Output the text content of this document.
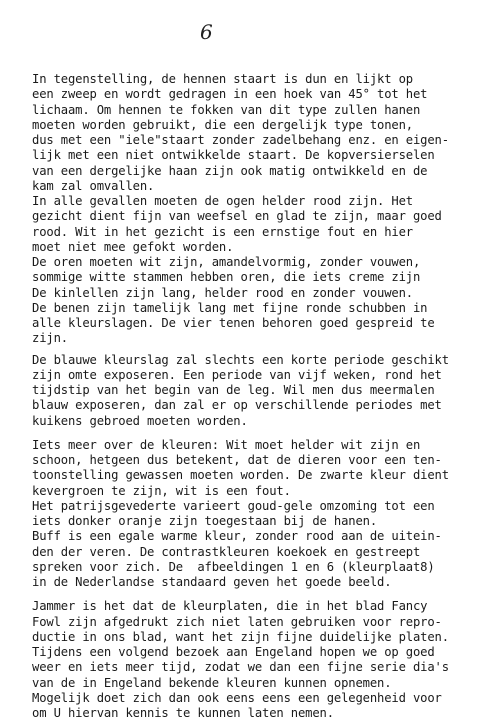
6
In tegenstelling, de hennen staart is dun en lijkt op
een zweep en wordt gedragen in een hoek van 45° tot het
lichaam. Om hennen te fokken van dit type zullen hanen
moeten worden gebruikt, die een dergelijk type tonen,
dus met een "iele"staart zonder zadelbehang enz. en eigen-
lijk met een niet ontwikkelde staart. De kopversierselen
van een dergelijke haan zijn ook matig ontwikkeld en de
kam zal omvallen.
In alle gevallen moeten de ogen helder rood zijn. Het
gezicht dient fijn van weefsel en glad te zijn, maar goed
rood. Wit in het gezicht is een ernstige fout en hier
moet niet mee gefokt worden.
De oren moeten wit zijn, amandelvormig, zonder vouwen,
sommige witte stammen hebben oren, die iets creme zijn
De kinlellen zijn lang, helder rood en zonder vouwen.
De benen zijn tamelijk lang met fijne ronde schubben in
alle kleurslagen. De vier tenen behoren goed gespreid te
zijn.
De blauwe kleurslag zal slechts een korte periode geschikt
zijn omte exposeren. Een periode van vijf weken, rond het
tijdstip van het begin van de leg. Wil men dus meermalen
blauw exposeren, dan zal er op verschillende periodes met
kuikens gebroed moeten worden.
Iets meer over de kleuren: Wit moet helder wit zijn en
schoon, hetgeen dus betekent, dat de dieren voor een ten-
toonstelling gewassen moeten worden. De zwarte kleur dient
kevergroen te zijn, wit is een fout.
Het patrijsgevederte varieert goud-gele omzoming tot een
iets donker oranje zijn toegestaan bij de hanen.
Buff is een egale warme kleur, zonder rood aan de uitein-
den der veren. De contrastkleuren koekoek en gestreept
spreken voor zich. De  afbeeldingen 1 en 6 (kleurplaat8)
in de Nederlandse standaard geven het goede beeld.
Jammer is het dat de kleurplaten, die in het blad Fancy
Fowl zijn afgedrukt zich niet laten gebruiken voor repro-
ductie in ons blad, want het zijn fijne duidelijke platen.
Tijdens een volgend bezoek aan Engeland hopen we op goed
weer en iets meer tijd, zodat we dan een fijne serie dia's
van de in Engeland bekende kleuren kunnen opnemen.
Mogelijk doet zich dan ook eens eens een gelegenheid voor
om U hiervan kennis te kunnen laten nemen.
